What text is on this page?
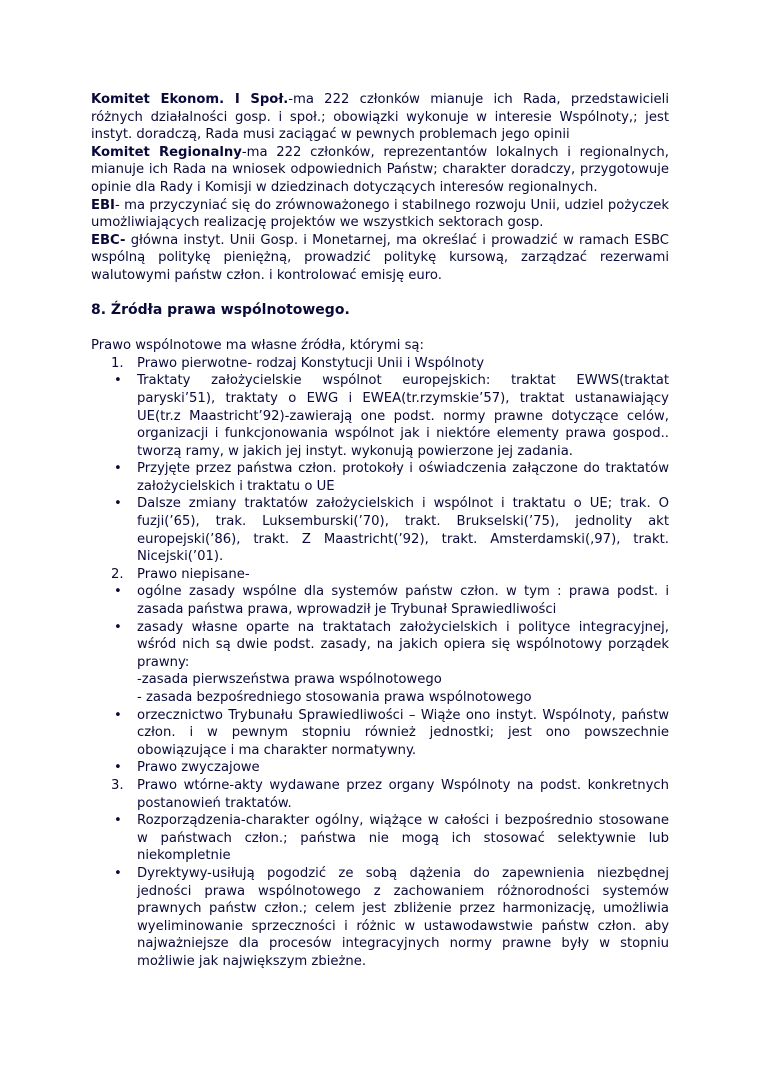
Komitet Ekonom. I Społ.-ma 222 członków mianuje ich Rada, przedstawicieli różnych działalności gosp. i społ.; obowiązki wykonuje w interesie Wspólnoty,; jest instyt. doradczą, Rada musi zaciągać w pewnych problemach jego opinii

Komitet Regionalny-ma 222 członków, reprezentantów lokalnych i regionalnych, mianuje ich Rada na wniosek odpowiednich Państw; charakter doradczy, przygotowuje opinie dla Rady i Komisji w dziedzinach dotyczących interesów regionalnych.

EBI- ma przyczyniać się do zrównoważonego i stabilnego rozwoju Unii, udziel pożyczek umożliwiających realizację projektów we wszystkich sektorach gosp.

EBC- główna instyt. Unii Gosp. i Monetarnej, ma określać i prowadzić w ramach ESBC wspólną politykę pieniężną, prowadzić politykę kursową, zarządzać rezerwami walutowymi państw człon. i kontrolować emisję euro.

8. Źródła prawa wspólnotowego.

Prawo wspólnotowe ma własne źródła, którymi są:

1. Prawo pierwotne- rodzaj Konstytucji Unii i Wspólnoty
• Traktaty założycielskie wspólnot europejskich: traktat EWWS(traktat paryski’51), traktaty o EWG i EWEA(tr.rzymskie’57), traktat ustanawiający UE(tr.z Maastricht’92)-zawierają one podst. normy prawne dotyczące celów, organizacji i funkcjonowania wspólnot jak i niektóre elementy prawa gospod.. tworzą ramy, w jakich jej instyt. wykonują powierzone jej zadania.
• Przyjęte przez państwa człon. protokoły i oświadczenia załączone do traktatów założycielskich i traktatu o UE
• Dalsze zmiany traktatów założycielskich i wspólnot i traktatu o UE; trak. O fuzji(’65), trak. Luksemburski(’70), trakt. Brukselski(’75), jednolity akt europejski(’86), trakt. Z Maastricht(’92), trakt. Amsterdamski(,97), trakt. Nicejski(’01).
2. Prawo niepisane-
• ogólne zasady wspólne dla systemów państw człon. w tym : prawa podst. i zasada państwa prawa, wprowadził je Trybunał Sprawiedliwości
• zasady własne oparte na traktatach założycielskich i polityce integracyjnej, wśród nich są dwie podst. zasady, na jakich opiera się wspólnotowy porządek prawny:
-zasada pierwszeństwa prawa wspólnotowego
- zasada bezpośredniego stosowania prawa wspólnotowego
• orzecznictwo Trybunału Sprawiedliwości – Wiąże ono instyt. Wspólnoty, państw człon. i w pewnym stopniu również jednostki; jest ono powszechnie obowiązujące i ma charakter normatywny.
• Prawo zwyczajowe
3. Prawo wtórne-akty wydawane przez organy Wspólnoty na podst. konkretnych postanowień traktatów.
• Rozporządzenia-charakter ogólny, wiążące w całości i bezpośrednio stosowane w państwach człon.; państwa nie mogą ich stosować selektywnie lub niekompletnie
• Dyrektywy-usiłują pogodzić ze sobą dążenia do zapewnienia niezbędnej jedności prawa wspólnotowego z zachowaniem różnorodności systemów prawnych państw człon.; celem jest zbliżenie przez harmonizację, umożliwia wyeliminowanie sprzeczności i różnic w ustawodawstwie państw człon. aby najważniejsze dla procesów integracyjnych normy prawne były w stopniu możliwie jak największym zbieżne.
